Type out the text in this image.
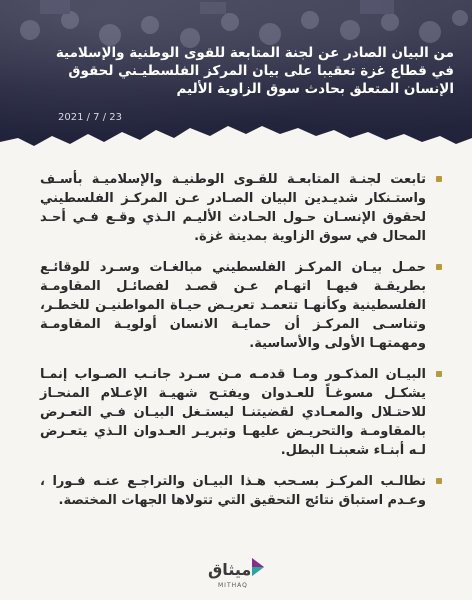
من البيان الصادر عن لجنة المتابعة للقوى الوطنية والإسلامية
في قطاع غزة تعقيبا على بيان المركز الفلسطيـني لحقوق
الإنسان المتعلق بحادث سوق الزاوية الأليم
2021 / 7 / 23
تابعت لجنـة المتابعـة للقـوى الوطنيـة والإسلاميـة بأسـف واستـنكار شديـدين البيان الصـادر عـن المركـز الفلسطيني لحقوق الإنسـان حـول الحـادث الأليـم الـذي وقـع فـي أحـد المحال في سوق الزاوية بمدينة غزة.
حمـل بيـان المركـز الفلسطيني مبالغـات وسـرد للوقائـع بطريقـة فيهـا اتهـام عـن قصـد لفصائـل المقاومـة الفلسطينية وكأنهـا تتعمـد تعريـض حيـاة المواطنيـن للخطـر، وتناسـى المركـز أن حمايـة الانسان أولويـة المقاومـة ومهمتهـا الأولى والأساسية.
البيـان المذكـور ومـا قدمـه مـن سـرد جانـب الصـواب إنمـا يشكـل مسوغـاً للعـدوان ويفتـح شهيـة الإعـلام المنحـاز للاحتـلال والمعـادي لقضيتنـا ليستـغل البيـان فـي التعـرض بالمقاومـة والتحريـض عليهـا وتبريـر العـدوان الـذي يتعـرض لـه أبنـاء شعبنـا البطل.
نطالـب المركـز بسـحب هـذا البيـان والتراجـع عنـه فـورا ، وعـدم استباق نتائج التحقيق التي تتولاها الجهات المختصة.
ميثاق
MITHAQ
